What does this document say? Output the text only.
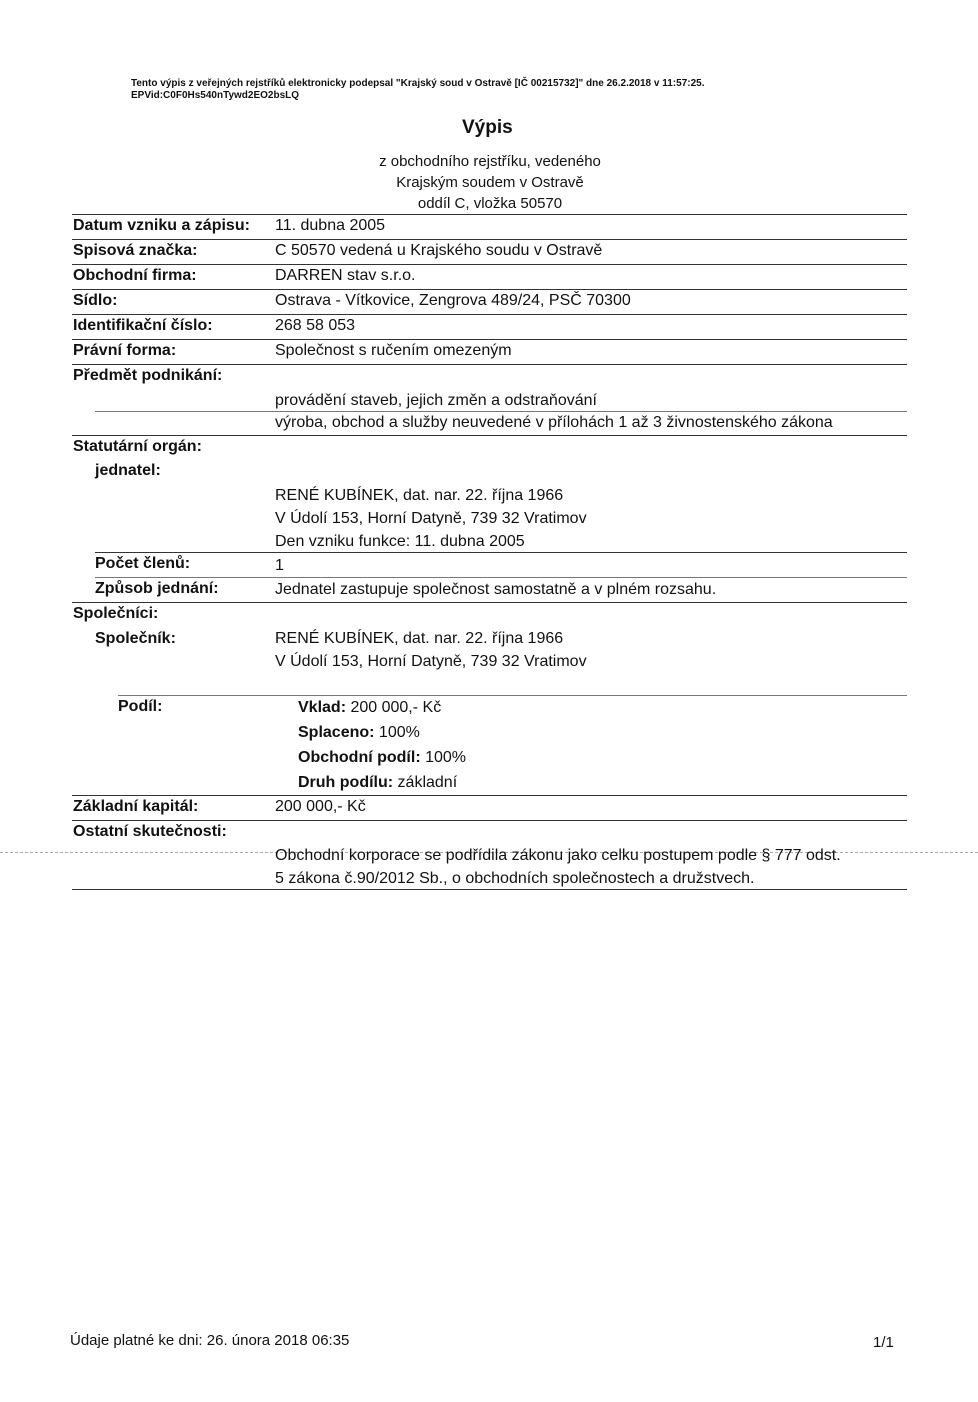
Tento výpis z veřejných rejstříků elektronicky podepsal "Krajský soud v Ostravě [IČ 00215732]" dne 26.2.2018 v 11:57:25.
EPVid:C0F0Hs540nTywd2EO2bsLQ
Výpis
z obchodního rejstříku, vedeného
Krajským soudem v Ostravě
oddíl C, vložka 50570
Datum vzniku a zápisu: 11. dubna 2005
Spisová značka:	C 50570 vedená u Krajského soudu v Ostravě
Obchodní firma:	DARREN stav s.r.o.
Sídlo:	Ostrava - Vítkovice, Zengrova 489/24, PSČ 70300
Identifikační číslo:	268 58 053
Právní forma:	Společnost s ručením omezeným
Předmět podnikání:
provádění staveb, jejich změn a odstraňování
výroba, obchod a služby neuvedené v přílohách 1 až 3 živnostenského zákona
Statutární orgán:
jednatel:
RENÉ KUBÍNEK, dat. nar. 22. října 1966
V Údolí 153, Horní Datyně, 739 32 Vratimov
Den vzniku funkce: 11. dubna 2005
Počet členů:	1
Způsob jednání:	Jednatel zastupuje společnost samostatně a v plném rozsahu.
Společníci:
Společník:	RENÉ KUBÍNEK, dat. nar. 22. října 1966
V Údolí 153, Horní Datyně, 739 32 Vratimov
Podíl:	Vklad: 200 000,- Kč
Splaceno: 100%
Obchodní podíl: 100%
Druh podílu: základní
Základní kapitál:	200 000,- Kč
Ostatní skutečnosti:
Obchodní korporace se podřídila zákonu jako celku postupem podle § 777 odst.
5 zákona č.90/2012 Sb., o obchodních společnostech a družstvech.
Údaje platné ke dni: 26. února 2018 06:35	1/1
